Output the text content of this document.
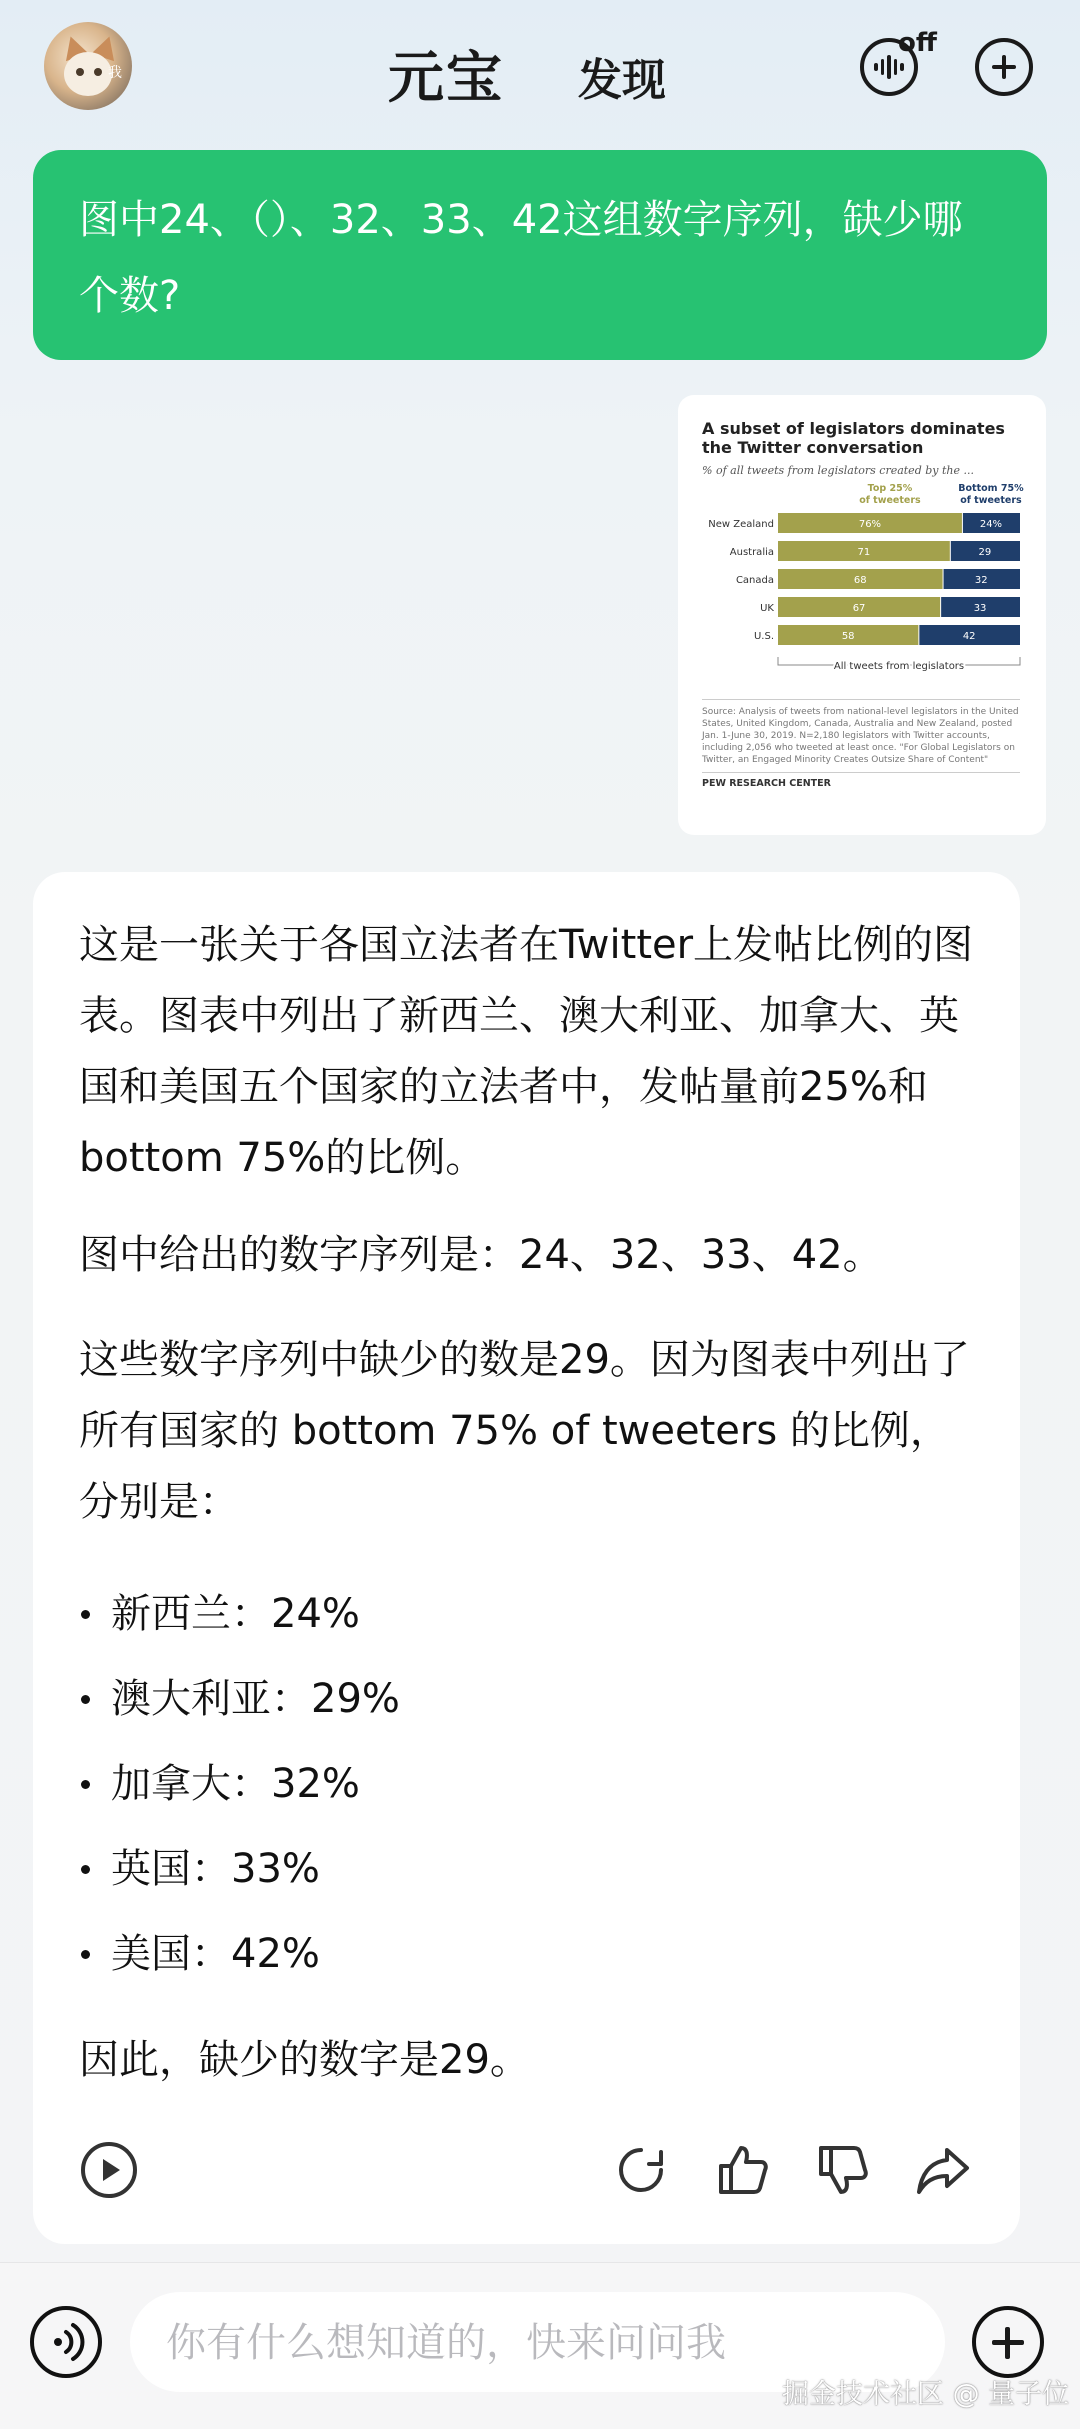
我	元宝 发现
off
图中24、（）、32、33、42这组数字序列，缺少哪个数?
A subset of legislators dominates the Twitter conversation
% of all tweets from legislators created by the ...
Top 25%
of tweeters
Bottom 75%
of tweeters
New Zealand	76%	24%
Australia	71	29
Canada	68	32
UK	67	33
U.S.	58	42
All tweets from legislators
Source: Analysis of tweets from national-level legislators in the United States, United Kingdom, Canada, Australia and New Zealand, posted Jan. 1-June 30, 2019. N=2,180 legislators with Twitter accounts, including 2,056 who tweeted at least once. "For Global Legislators on Twitter, an Engaged Minority Creates Outsize Share of Content"
PEW RESEARCH CENTER

这是一张关于各国立法者在Twitter上发帖比例的图表。图表中列出了新西兰、澳大利亚、加拿大、英国和美国五个国家的立法者中，发帖量前25%和 bottom 75%的比例。

图中给出的数字序列是：24、32、33、42。

这些数字序列中缺少的数是29。因为图表中列出了所有国家的 bottom 75% of tweeters 的比例，分别是：

新西兰：24%
澳大利亚：29%
加拿大：32%
英国：33%
美国：42%

因此，缺少的数字是29。

你有什么想知道的，快来问问我
掘金技术社区 @ 量子位
